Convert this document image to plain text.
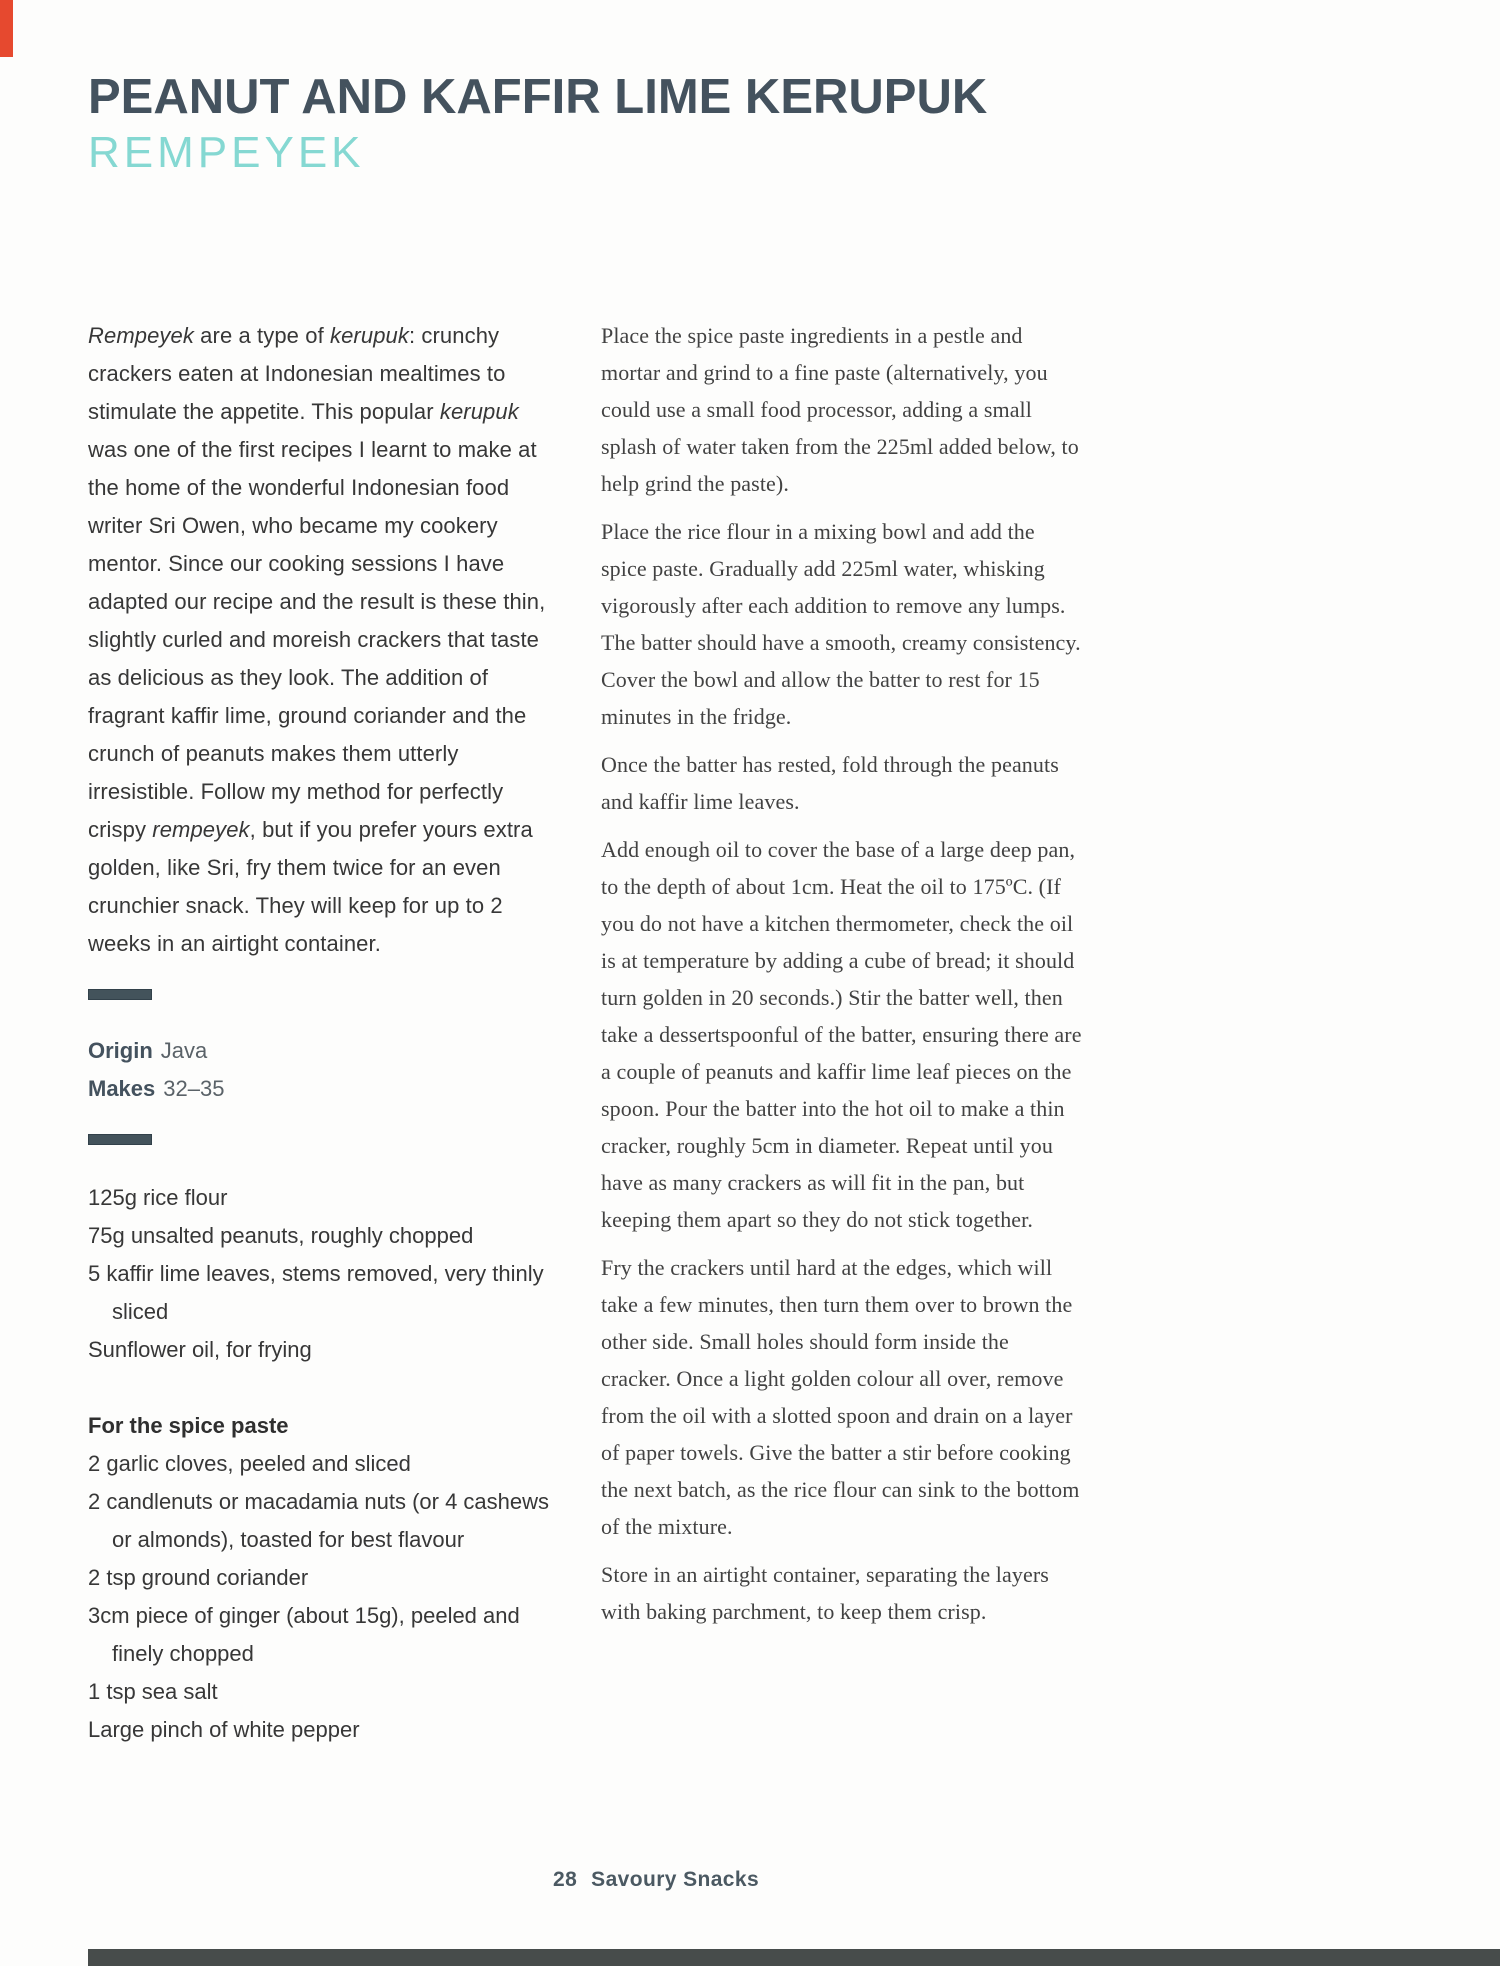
PEANUT AND KAFFIR LIME KERUPUK
REMPEYEK

Rempeyek are a type of kerupuk: crunchy crackers eaten at Indonesian mealtimes to stimulate the appetite. This popular kerupuk was one of the first recipes I learnt to make at the home of the wonderful Indonesian food writer Sri Owen, who became my cookery mentor. Since our cooking sessions I have adapted our recipe and the result is these thin, slightly curled and moreish crackers that taste as delicious as they look. The addition of fragrant kaffir lime, ground coriander and the crunch of peanuts makes them utterly irresistible. Follow my method for perfectly crispy rempeyek, but if you prefer yours extra golden, like Sri, fry them twice for an even crunchier snack. They will keep for up to 2 weeks in an airtight container.

Origin Java
Makes 32–35
125g rice flour
75g unsalted peanuts, roughly chopped
5 kaffir lime leaves, stems removed, very thinly sliced
Sunflower oil, for frying

For the spice paste

2 garlic cloves, peeled and sliced
2 candlenuts or macadamia nuts (or 4 cashews or almonds), toasted for best flavour
2 tsp ground coriander
3cm piece of ginger (about 15g), peeled and finely chopped
1 tsp sea salt
Large pinch of white pepper

Place the spice paste ingredients in a pestle and mortar and grind to a fine paste (alternatively, you could use a small food processor, adding a small splash of water taken from the 225ml added below, to help grind the paste).

Place the rice flour in a mixing bowl and add the spice paste. Gradually add 225ml water, whisking vigorously after each addition to remove any lumps. The batter should have a smooth, creamy consistency. Cover the bowl and allow the batter to rest for 15 minutes in the fridge.

Once the batter has rested, fold through the peanuts and kaffir lime leaves.

Add enough oil to cover the base of a large deep pan, to the depth of about 1cm. Heat the oil to 175ºC. (If you do not have a kitchen thermometer, check the oil is at temperature by adding a cube of bread; it should turn golden in 20 seconds.) Stir the batter well, then take a dessertspoonful of the batter, ensuring there are a couple of peanuts and kaffir lime leaf pieces on the spoon. Pour the batter into the hot oil to make a thin cracker, roughly 5cm in diameter. Repeat until you have as many crackers as will fit in the pan, but keeping them apart so they do not stick together.

Fry the crackers until hard at the edges, which will take a few minutes, then turn them over to brown the other side. Small holes should form inside the cracker. Once a light golden colour all over, remove from the oil with a slotted spoon and drain on a layer of paper towels. Give the batter a stir before cooking the next batch, as the rice flour can sink to the bottom of the mixture.

Store in an airtight container, separating the layers with baking parchment, to keep them crisp.

28 Savoury Snacks
